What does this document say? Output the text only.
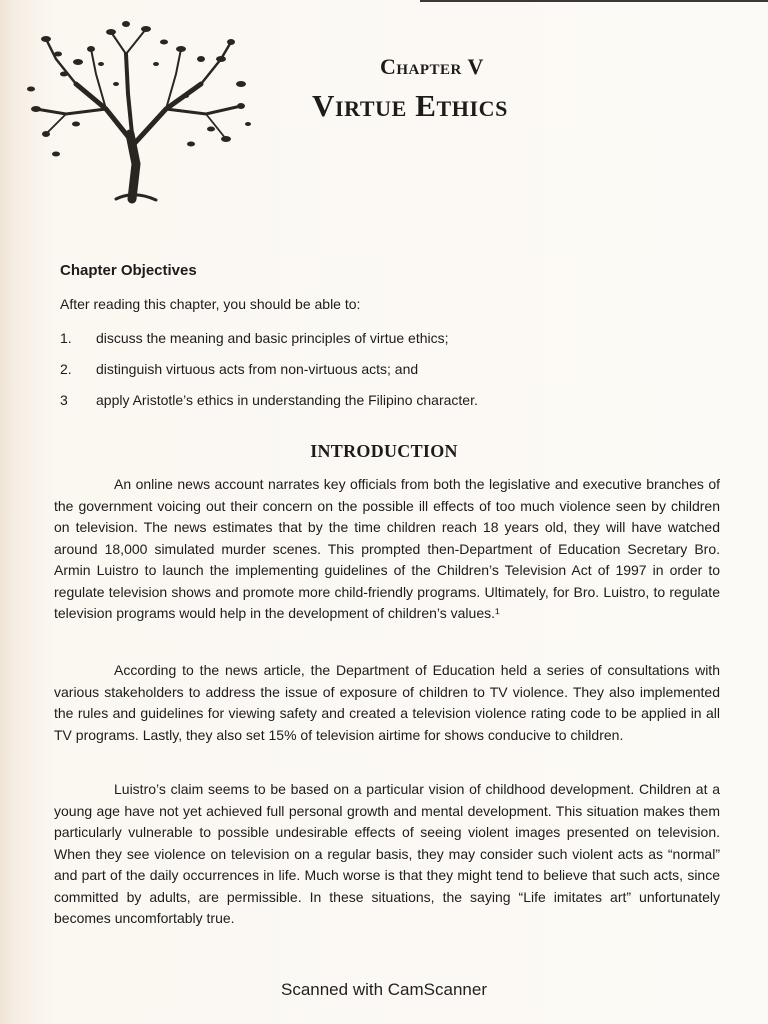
Chapter V
Virtue Ethics
Chapter Objectives
After reading this chapter, you should be able to:
1. discuss the meaning and basic principles of virtue ethics;
2. distinguish virtuous acts from non-virtuous acts; and
3 apply Aristotle’s ethics in understanding the Filipino character.
INTRODUCTION

An online news account narrates key officials from both the legislative and executive branches of the government voicing out their concern on the possible ill effects of too much violence seen by children on television. The news estimates that by the time children reach 18 years old, they will have watched around 18,000 simulated murder scenes. This prompted then-Department of Education Secretary Bro. Armin Luistro to launch the implementing guidelines of the Children’s Television Act of 1997 in order to regulate television shows and promote more child-friendly programs. Ultimately, for Bro. Luistro, to regulate television programs would help in the development of children’s values.¹

According to the news article, the Department of Education held a series of consultations with various stakeholders to address the issue of exposure of children to TV violence. They also implemented the rules and guidelines for viewing safety and created a television violence rating code to be applied in all TV programs. Lastly, they also set 15% of television airtime for shows conducive to children.

Luistro’s claim seems to be based on a particular vision of childhood development. Children at a young age have not yet achieved full personal growth and mental development. This situation makes them particularly vulnerable to possible undesirable effects of seeing violent images presented on television. When they see violence on television on a regular basis, they may consider such violent acts as “normal” and part of the daily occurrences in life. Much worse is that they might tend to believe that such acts, since committed by adults, are permissible. In these situations, the saying “Life imitates art” unfortunately becomes uncomfortably true.

Scanned with CamScanner
